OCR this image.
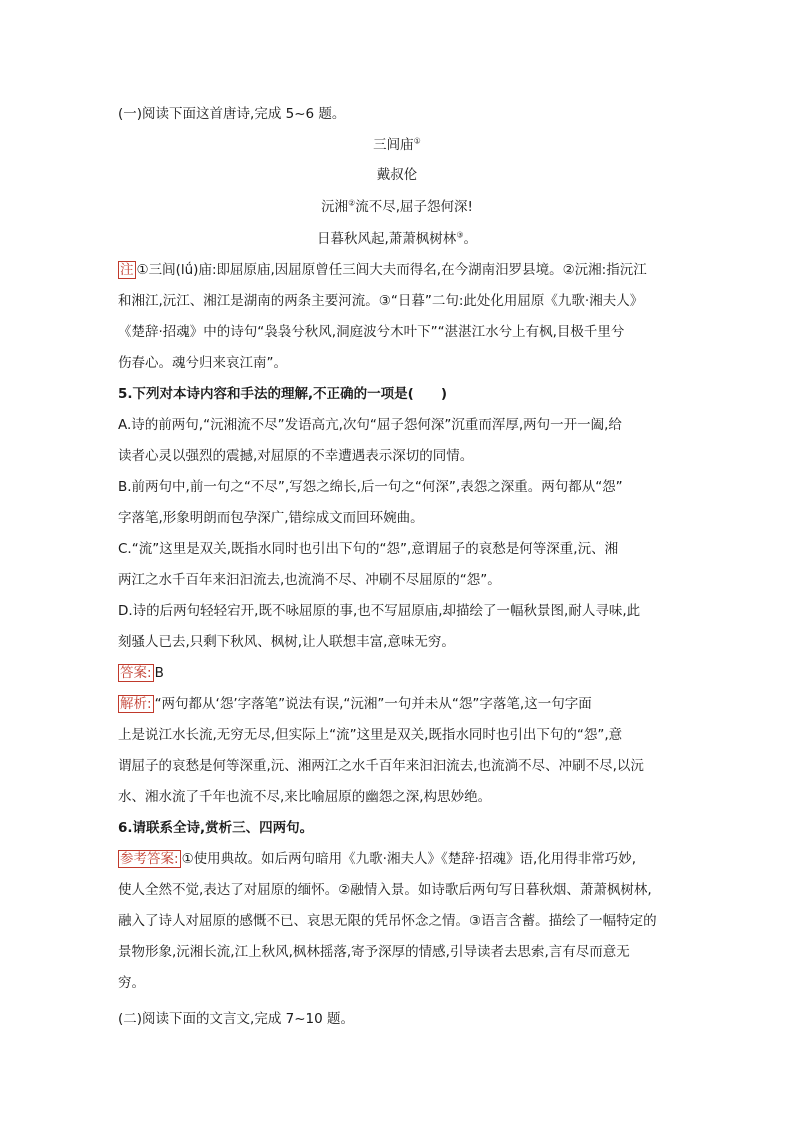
(一)阅读下面这首唐诗,完成 5~6 题。
三闾庙①
戴叔伦
沅湘②流不尽,屈子怨何深!
日暮秋风起,萧萧枫树林③。
注 ①三闾(lǘ)庙:即屈原庙,因屈原曾任三闾大夫而得名,在今湖南汨罗县境。②沅湘:指沅江
和湘江,沅江、湘江是湖南的两条主要河流。③“日暮”二句:此处化用屈原《九歌·湘夫人》
《楚辞·招魂》中的诗句“袅袅兮秋风,洞庭波兮木叶下”“湛湛江水兮上有枫,目极千里兮
伤春心。魂兮归来哀江南”。
5.下列对本诗内容和手法的理解,不正确的一项是(　　)
A.诗的前两句,“沅湘流不尽”发语高亢,次句“屈子怨何深”沉重而浑厚,两句一开一阖,给
读者心灵以强烈的震撼,对屈原的不幸遭遇表示深切的同情。
B.前两句中,前一句之“不尽”,写怨之绵长,后一句之“何深”,表怨之深重。两句都从“怨”
字落笔,形象明朗而包孕深广,错综成文而回环婉曲。
C.“流”这里是双关,既指水同时也引出下句的“怨”,意谓屈子的哀愁是何等深重,沅、湘
两江之水千百年来汩汩流去,也流淌不尽、冲刷不尽屈原的“怨”。
D.诗的后两句轻轻宕开,既不咏屈原的事,也不写屈原庙,却描绘了一幅秋景图,耐人寻味,此
刻骚人已去,只剩下秋风、枫树,让人联想丰富,意味无穷。
答案: B
解析: “两句都从‘怨’字落笔”说法有误,“沅湘”一句并未从“怨”字落笔,这一句字面
上是说江水长流,无穷无尽,但实际上“流”这里是双关,既指水同时也引出下句的“怨”,意
谓屈子的哀愁是何等深重,沅、湘两江之水千百年来汩汩流去,也流淌不尽、冲刷不尽,以沅
水、湘水流了千年也流不尽,来比喻屈原的幽怨之深,构思妙绝。
6.请联系全诗,赏析三、四两句。
参考答案: ①使用典故。如后两句暗用《九歌·湘夫人》《楚辞·招魂》语,化用得非常巧妙,
使人全然不觉,表达了对屈原的缅怀。②融情入景。如诗歌后两句写日暮秋烟、萧萧枫树林,
融入了诗人对屈原的感慨不已、哀思无限的凭吊怀念之情。③语言含蓄。描绘了一幅特定的
景物形象,沅湘长流,江上秋风,枫林摇落,寄予深厚的情感,引导读者去思索,言有尽而意无
穷。
(二)阅读下面的文言文,完成 7~10 题。
